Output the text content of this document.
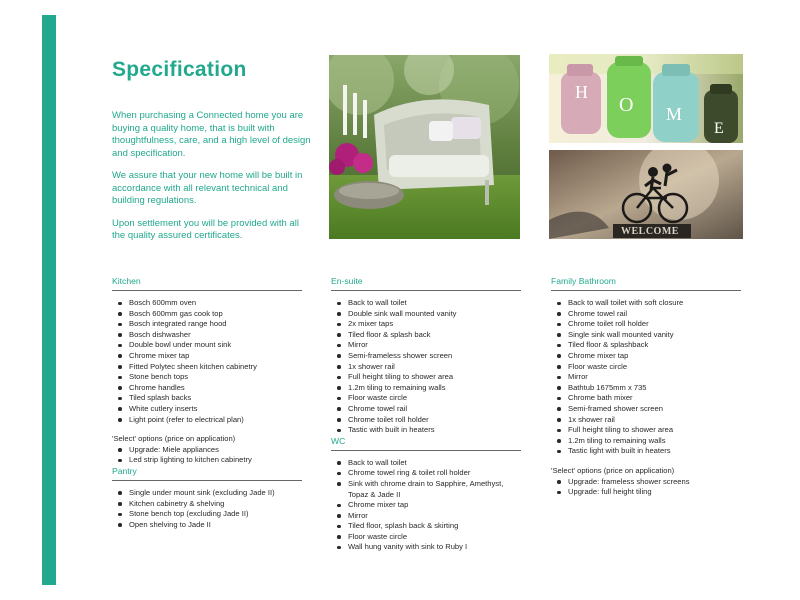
Specification

When purchasing a Connected home you are buying a quality home, that is built with thoughtfulness, care, and a high level of design and specification.

We assure that your new home will be built in accordance with all relevant technical and building regulations.

Upon settlement you will be provided with all the quality assured certificates.

H
O M
E
WELCOME
Kitchen
Bosch 600mm oven
Bosch 600mm gas cook top
Bosch integrated range hood
Bosch dishwasher
Double bowl under mount sink
Chrome mixer tap
Fitted Polytec sheen kitchen cabinetry
Stone bench tops
Chrome handles
Tiled splash backs
White cutlery inserts
Light point (refer to electrical plan)
'Select' options (price on application)
Upgrade: Miele appliances
Led strip lighting to kitchen cabinetry
Pantry
Single under mount sink (excluding Jade II)
Kitchen cabinetry & shelving
Stone bench top (excluding Jade II)
Open shelving to Jade II
En-suite
Back to wall toilet
Double sink wall mounted vanity
2x mixer taps
Tiled floor & splash back
Mirror
Semi-frameless shower screen
1x shower rail
Full height tiling to shower area
1.2m tiling to remaining walls
Floor waste circle
Chrome towel rail
Chrome toilet roll holder
Tastic with built in heaters
WC
Back to wall toilet
Chrome towel ring & toilet roll holder
Sink with chrome drain to Sapphire, Amethyst, Topaz & Jade II
Chrome mixer tap
Mirror
Tiled floor, splash back & skirting
Floor waste circle
Wall hung vanity with sink to Ruby I
Family Bathroom
Back to wall toilet with soft closure
Chrome towel rail
Chrome toilet roll holder
Single sink wall mounted vanity
Tiled floor & splashback
Chrome mixer tap
Floor waste circle
Mirror
Bathtub 1675mm x 735
Chrome bath mixer
Semi-framed shower screen
1x shower rail
Full height tiling to shower area
1.2m tiling to remaining walls
Tastic light with built in heaters
'Select' options (price on application)
Upgrade: frameless shower screens
Upgrade: full height tiling
